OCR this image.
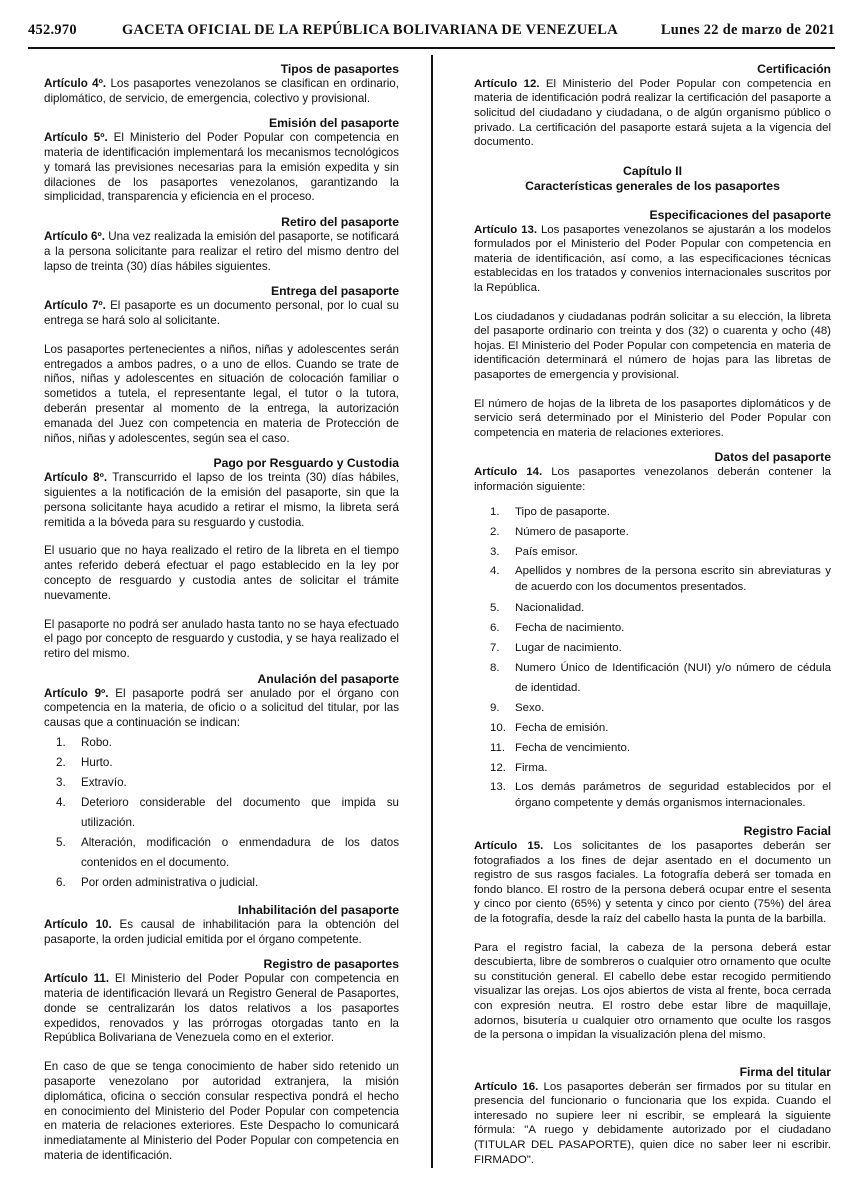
452.970	GACETA OFICIAL DE LA REPÚBLICA BOLIVARIANA DE VENEZUELA	Lunes 22 de marzo de 2021
Tipos de pasaportes

Artículo 4º. Los pasaportes venezolanos se clasifican en ordinario, diplomático, de servicio, de emergencia, colectivo y provisional.

Emisión del pasaporte

Artículo 5º. El Ministerio del Poder Popular con competencia en materia de identificación implementará los mecanismos tecnológicos y tomará las previsiones necesarias para la emisión expedita y sin dilaciones de los pasaportes venezolanos, garantizando la simplicidad, transparencia y eficiencia en el proceso.

Retiro del pasaporte

Artículo 6º. Una vez realizada la emisión del pasaporte, se notificará a la persona solicitante para realizar el retiro del mismo dentro del lapso de treinta (30) días hábiles siguientes.

Entrega del pasaporte

Artículo 7º. El pasaporte es un documento personal, por lo cual su entrega se hará solo al solicitante.

Los pasaportes pertenecientes a niños, niñas y adolescentes serán entregados a ambos padres, o a uno de ellos. Cuando se trate de niños, niñas y adolescentes en situación de colocación familiar o sometidos a tutela, el representante legal, el tutor o la tutora, deberán presentar al momento de la entrega, la autorización emanada del Juez con competencia en materia de Protección de niños, niñas y adolescentes, según sea el caso.

Pago por Resguardo y Custodia

Artículo 8º. Transcurrido el lapso de los treinta (30) días hábiles, siguientes a la notificación de la emisión del pasaporte, sin que la persona solicitante haya acudido a retirar el mismo, la libreta será remitida a la bóveda para su resguardo y custodia.

El usuario que no haya realizado el retiro de la libreta en el tiempo antes referido deberá efectuar el pago establecido en la ley por concepto de resguardo y custodia antes de solicitar el trámite nuevamente.

El pasaporte no podrá ser anulado hasta tanto no se haya efectuado el pago por concepto de resguardo y custodia, y se haya realizado el retiro del mismo.

Anulación del pasaporte

Artículo 9º. El pasaporte podrá ser anulado por el órgano con competencia en la materia, de oficio o a solicitud del titular, por las causas que a continuación se indican:

1.	Robo.
2.	Hurto.
3.	Extravío.
4.	Deterioro considerable del documento que impida su utilización.
5.	Alteración, modificación o enmendadura de los datos contenidos en el documento.
6.	Por orden administrativa o judicial.
Inhabilitación del pasaporte

Artículo 10. Es causal de inhabilitación para la obtención del pasaporte, la orden judicial emitida por el órgano competente.

Registro de pasaportes

Artículo 11. El Ministerio del Poder Popular con competencia en materia de identificación llevará un Registro General de Pasaportes, donde se centralizarán los datos relativos a los pasaportes expedidos, renovados y las prórrogas otorgadas tanto en la República Bolivariana de Venezuela como en el exterior.

En caso de que se tenga conocimiento de haber sido retenido un pasaporte venezolano por autoridad extranjera, la misión diplomática, oficina o sección consular respectiva pondrá el hecho en conocimiento del Ministerio del Poder Popular con competencia en materia de relaciones exteriores. Este Despacho lo comunicará inmediatamente al Ministerio del Poder Popular con competencia en materia de identificación.

Certificación

Artículo 12. El Ministerio del Poder Popular con competencia en materia de identificación podrá realizar la certificación del pasaporte a solicitud del ciudadano y ciudadana, o de algún organismo público o privado. La certificación del pasaporte estará sujeta a la vigencia del documento.

Capítulo II
Características generales de los pasaportes
Especificaciones del pasaporte

Artículo 13. Los pasaportes venezolanos se ajustarán a los modelos formulados por el Ministerio del Poder Popular con competencia en materia de identificación, así como, a las especificaciones técnicas establecidas en los tratados y convenios internacionales suscritos por la República.

Los ciudadanos y ciudadanas podrán solicitar a su elección, la libreta del pasaporte ordinario con treinta y dos (32) o cuarenta y ocho (48) hojas. El Ministerio del Poder Popular con competencia en materia de identificación determinará el número de hojas para las libretas de pasaportes de emergencia y provisional.

El número de hojas de la libreta de los pasaportes diplomáticos y de servicio será determinado por el Ministerio del Poder Popular con competencia en materia de relaciones exteriores.

Datos del pasaporte

Artículo 14. Los pasaportes venezolanos deberán contener la información siguiente:

1.	Tipo de pasaporte.
2.	Número de pasaporte.
3.	País emisor.
4.	Apellidos y nombres de la persona escrito sin abreviaturas y de acuerdo con los documentos presentados.
5.	Nacionalidad.
6.	Fecha de nacimiento.
7.	Lugar de nacimiento.
8.	Numero Único de Identificación (NUI) y/o número de cédula de identidad.
9.	Sexo.
10. Fecha de emisión.
11. Fecha de vencimiento.
12. Firma.
13. Los demás parámetros de seguridad establecidos por el órgano competente y demás organismos internacionales.
Registro Facial

Artículo 15. Los solicitantes de los pasaportes deberán ser fotografiados a los fines de dejar asentado en el documento un registro de sus rasgos faciales. La fotografía deberá ser tomada en fondo blanco. El rostro de la persona deberá ocupar entre el sesenta y cinco por ciento (65%) y setenta y cinco por ciento (75%) del área de la fotografía, desde la raíz del cabello hasta la punta de la barbilla.

Para el registro facial, la cabeza de la persona deberá estar descubierta, libre de sombreros o cualquier otro ornamento que oculte su constitución general. El cabello debe estar recogido permitiendo visualizar las orejas. Los ojos abiertos de vista al frente, boca cerrada con expresión neutra. El rostro debe estar libre de maquillaje, adornos, bisutería u cualquier otro ornamento que oculte los rasgos de la persona o impidan la visualización plena del mismo.

Firma del titular

Artículo 16. Los pasaportes deberán ser firmados por su titular en presencia del funcionario o funcionaria que los expida. Cuando el interesado no supiere leer ni escribir, se empleará la siguiente fórmula: "A ruego y debidamente autorizado por el ciudadano (TITULAR DEL PASAPORTE), quien dice no saber leer ni escribir. FIRMADO".
